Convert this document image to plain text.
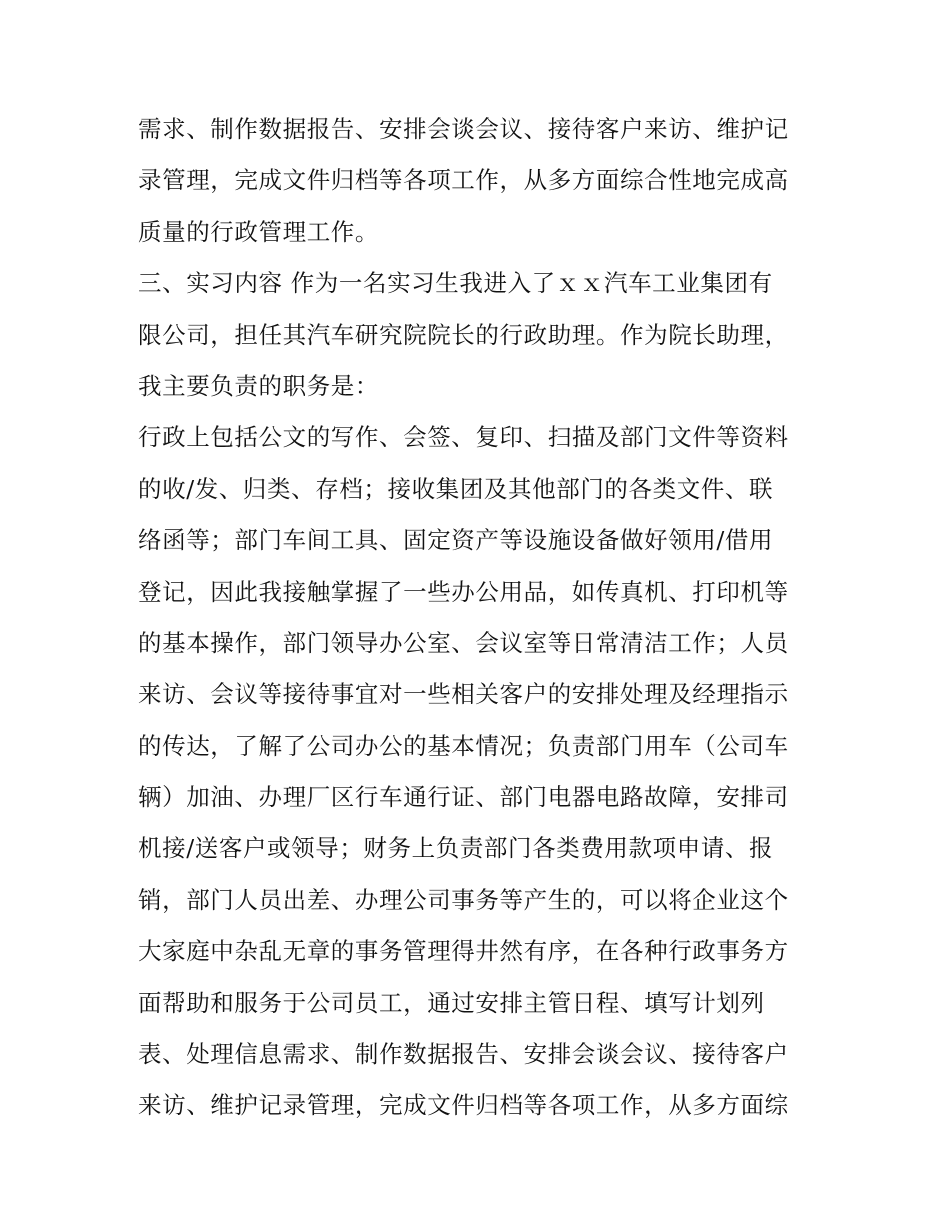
需求、制作数据报告、安排会谈会议、接待客户来访、维护记
录管理，完成文件归档等各项工作，从多方面综合性地完成高
质量的行政管理工作。
三、实习内容 作为一名实习生我进入了ｘｘ汽车工业集团有
限公司，担任其汽车研究院院长的行政助理。作为院长助理，
我主要负责的职务是：
行政上包括公文的写作、会签、复印、扫描及部门文件等资料
的收/发、归类、存档；接收集团及其他部门的各类文件、联
络函等；部门车间工具、固定资产等设施设备做好领用/借用
登记，因此我接触掌握了一些办公用品，如传真机、打印机等
的基本操作，部门领导办公室、会议室等日常清洁工作；人员
来访、会议等接待事宜对一些相关客户的安排处理及经理指示
的传达，了解了公司办公的基本情况；负责部门用车（公司车
辆）加油、办理厂区行车通行证、部门电器电路故障，安排司
机接/送客户或领导；财务上负责部门各类费用款项申请、报
销，部门人员出差、办理公司事务等产生的，可以将企业这个
大家庭中杂乱无章的事务管理得井然有序，在各种行政事务方
面帮助和服务于公司员工，通过安排主管日程、填写计划列
表、处理信息需求、制作数据报告、安排会谈会议、接待客户
来访、维护记录管理，完成文件归档等各项工作，从多方面综
